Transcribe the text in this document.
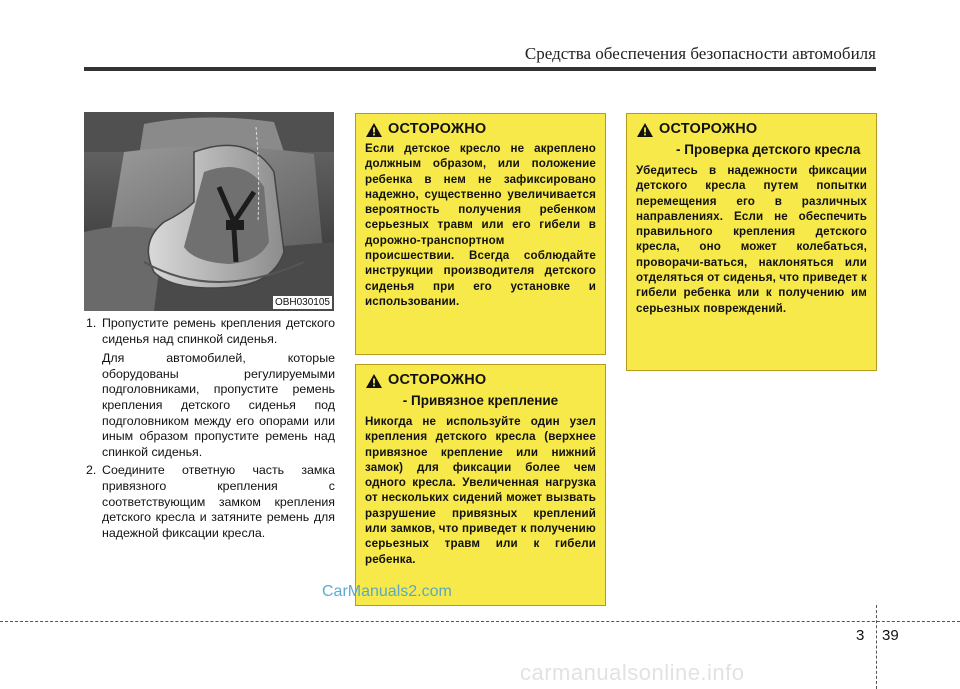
Средства обеспечения безопасности автомобиля
OBH030105
1. Пропустите ремень крепления детского сиденья над спинкой сиденья.
Для автомобилей, которые оборудованы регулируемыми подголовниками, пропустите ремень крепления детского сиденья под подголовником между его опорами или иным образом пропустите ремень над спинкой сиденья.
2. Соедините ответную часть замка привязного крепления с соответствующим замком крепления детского кресла и затяните ремень для надежной фиксации кресла.
ОСТОРОЖНО
Если детское кресло не акреплено должным образом, или положение ребенка в нем не зафиксировано надежно, существенно увеличивается вероятность получения ребенком серьезных травм или его гибели в дорожно-транспортном происшествии. Всегда соблюдайте инструкции производителя детского сиденья при его установке и использовании.
ОСТОРОЖНО
- Привязное крепление
Никогда не используйте один узел крепления детского кресла (верхнее привязное крепление или нижний замок) для фиксации более чем одного кресла. Увеличенная нагрузка от нескольких сидений может вызвать разрушение привязных креплений или замков, что приведет к получению серьезных травм или к гибели ребенка.
ОСТОРОЖНО
- Проверка детского кресла
Убедитесь в надежности фиксации детского кресла путем попытки перемещения его в различных направлениях. Если не обеспечить правильного крепления детского кресла, оно может колебаться, проворачи-ваться, наклоняться или отделяться от сиденья, что приведет к гибели ребенка или к получению им серьезных повреждений.
CarManuals2.com
3 39
carmanualsonline.info
